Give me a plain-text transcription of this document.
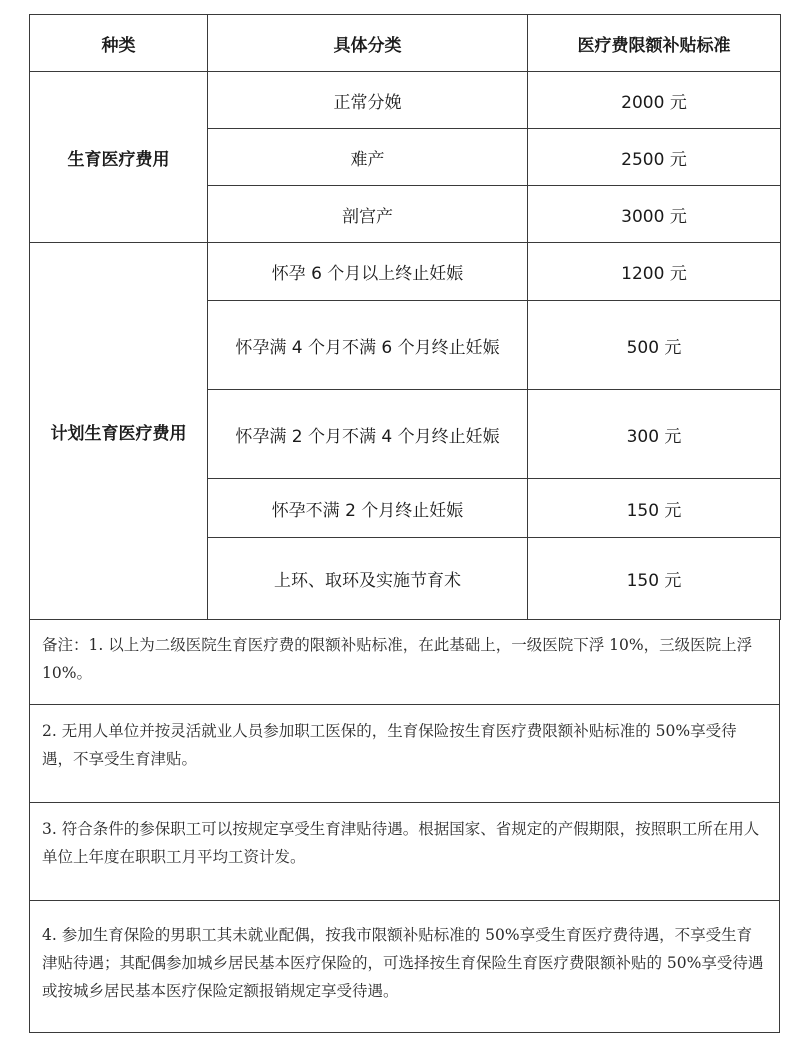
种类	具体分类	医疗费限额补贴标准
生育医疗费用	正常分娩	2000 元
	难产	2500 元
	剖宫产	3000 元
计划生育医疗费用	怀孕 6 个月以上终止妊娠	1200 元
	怀孕满 4 个月不满 6 个月终止妊娠	500 元
	怀孕满 2 个月不满 4 个月终止妊娠	300 元
	怀孕不满 2 个月终止妊娠	150 元
	上环、取环及实施节育术	150 元

备注：1. 以上为二级医院生育医疗费的限额补贴标准，在此基础上，一级医院下浮 10%，三级医院上浮 10%。

2. 无用人单位并按灵活就业人员参加职工医保的，生育保险按生育医疗费限额补贴标准的 50%享受待遇，不享受生育津贴。

3. 符合条件的参保职工可以按规定享受生育津贴待遇。根据国家、省规定的产假期限，按照职工所在用人单位上年度在职职工月平均工资计发。

4. 参加生育保险的男职工其未就业配偶，按我市限额补贴标准的 50%享受生育医疗费待遇，不享受生育津贴待遇；其配偶参加城乡居民基本医疗保险的，可选择按生育保险生育医疗费限额补贴的 50%享受待遇或按城乡居民基本医疗保险定额报销规定享受待遇。
